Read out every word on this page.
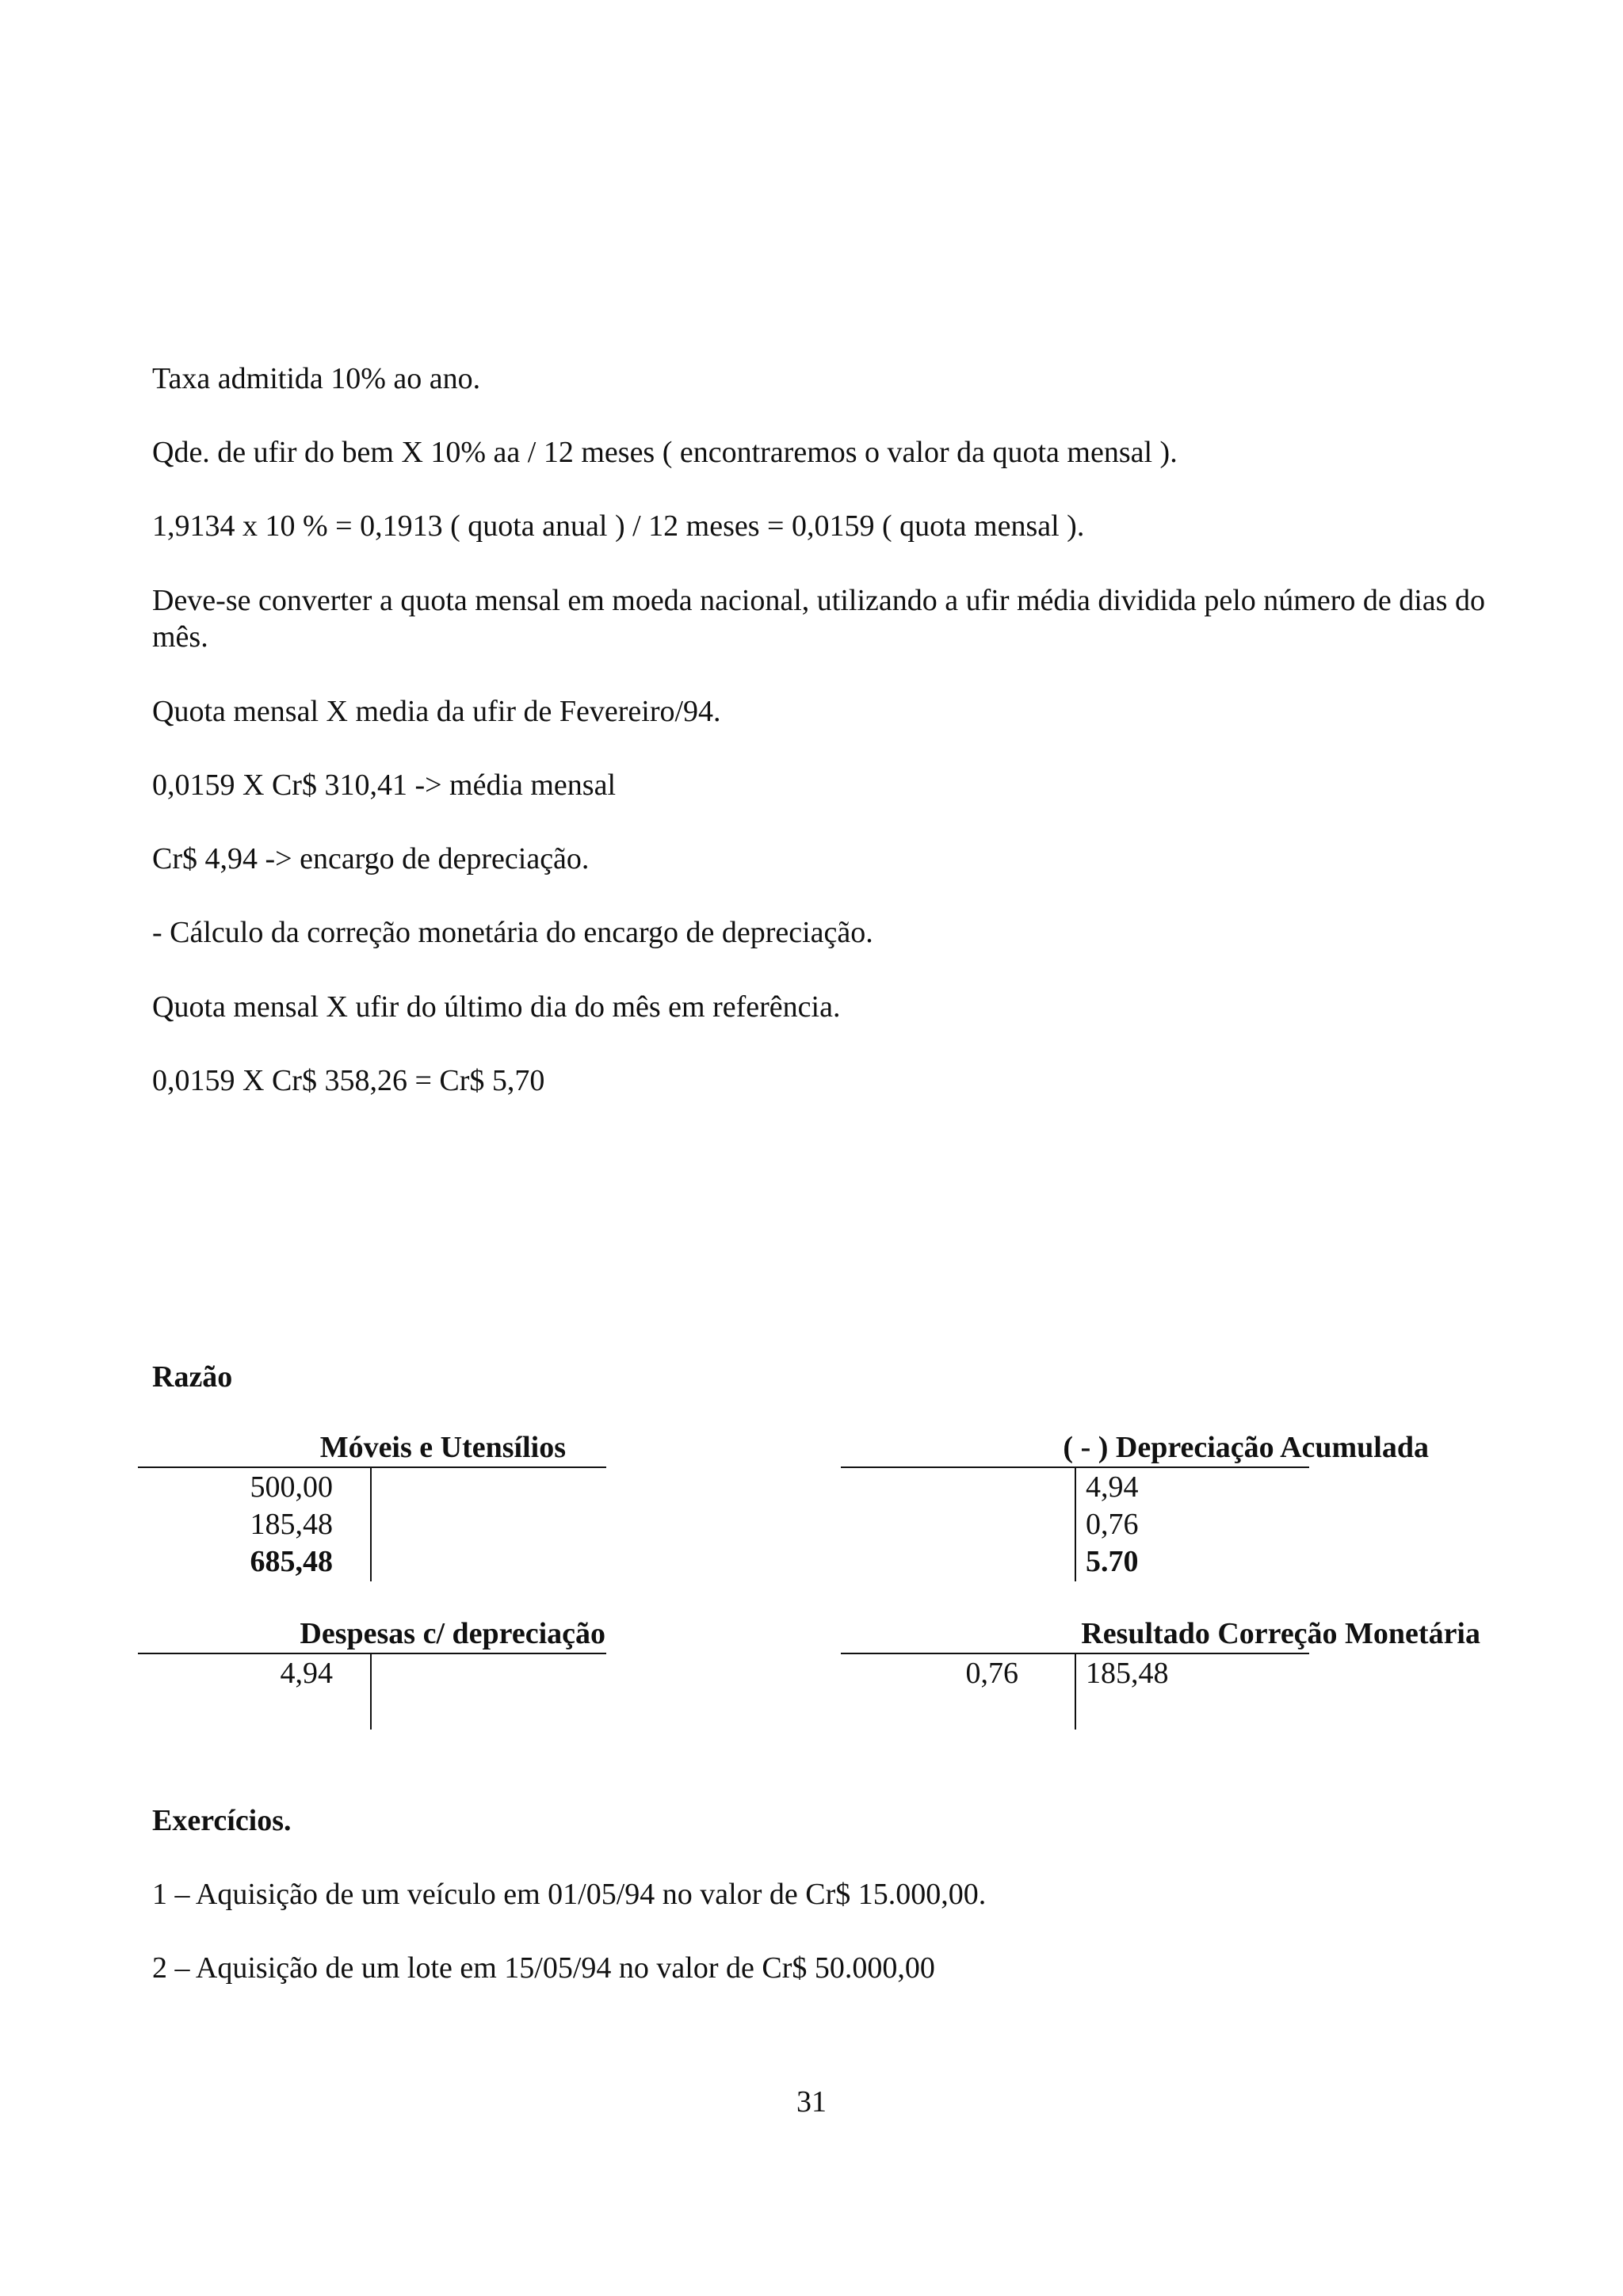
Taxa admitida 10% ao ano.

Qde. de ufir do bem X 10% aa / 12 meses ( encontraremos o valor da quota mensal ).

1,9134 x 10 % = 0,1913 ( quota anual ) / 12 meses = 0,0159 ( quota mensal ).

Deve-se converter a quota mensal em moeda nacional, utilizando a ufir média dividida pelo número de dias do mês.

Quota mensal X media da ufir de Fevereiro/94.

0,0159 X Cr$ 310,41 -> média mensal

Cr$ 4,94 -> encargo de depreciação.

- Cálculo da correção monetária do encargo de depreciação.

Quota mensal X ufir do último dia do mês em referência.

0,0159 X Cr$ 358,26 = Cr$ 5,70

Razão

Móveis e Utensílios
500,00
185,48
685,48
( - ) Depreciação Acumulada
4,94
0,76
5.70
Despesas c/ depreciação
4,94
Resultado Correção Monetária
0,76 185,48

Exercícios.

1 – Aquisição de um veículo em 01/05/94 no valor de Cr$ 15.000,00.

2 – Aquisição de um lote em 15/05/94 no valor de Cr$ 50.000,00

31
